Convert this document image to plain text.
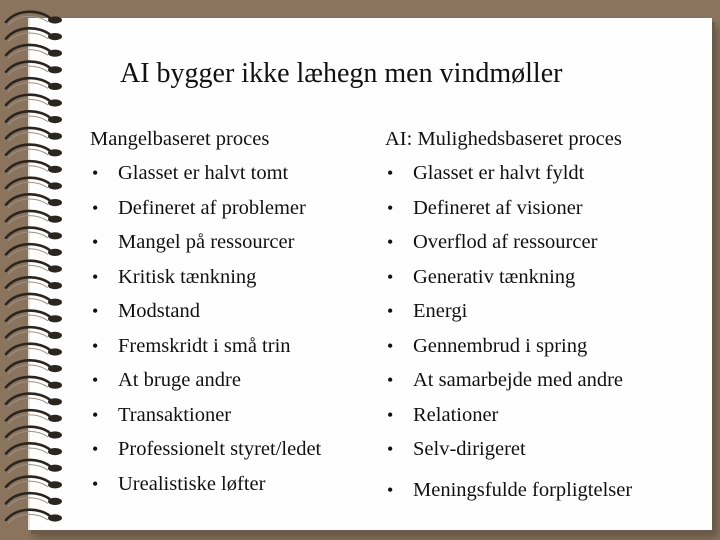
AI bygger ikke læhegn men vindmøller
Mangelbaseret proces
• Glasset er halvt tomt
• Defineret af problemer
• Mangel på ressourcer
• Kritisk tænkning
• Modstand
• Fremskridt i små trin
• At bruge andre
• Transaktioner
• Professionelt styret/ledet
• Urealistiske løfter
AI: Mulighedsbaseret proces
• Glasset er halvt fyldt
• Defineret af visioner
• Overflod af ressourcer
• Generativ tænkning
• Energi
• Gennembrud i spring
• At samarbejde med andre
• Relationer
• Selv-dirigeret
• Meningsfulde forpligtelser
